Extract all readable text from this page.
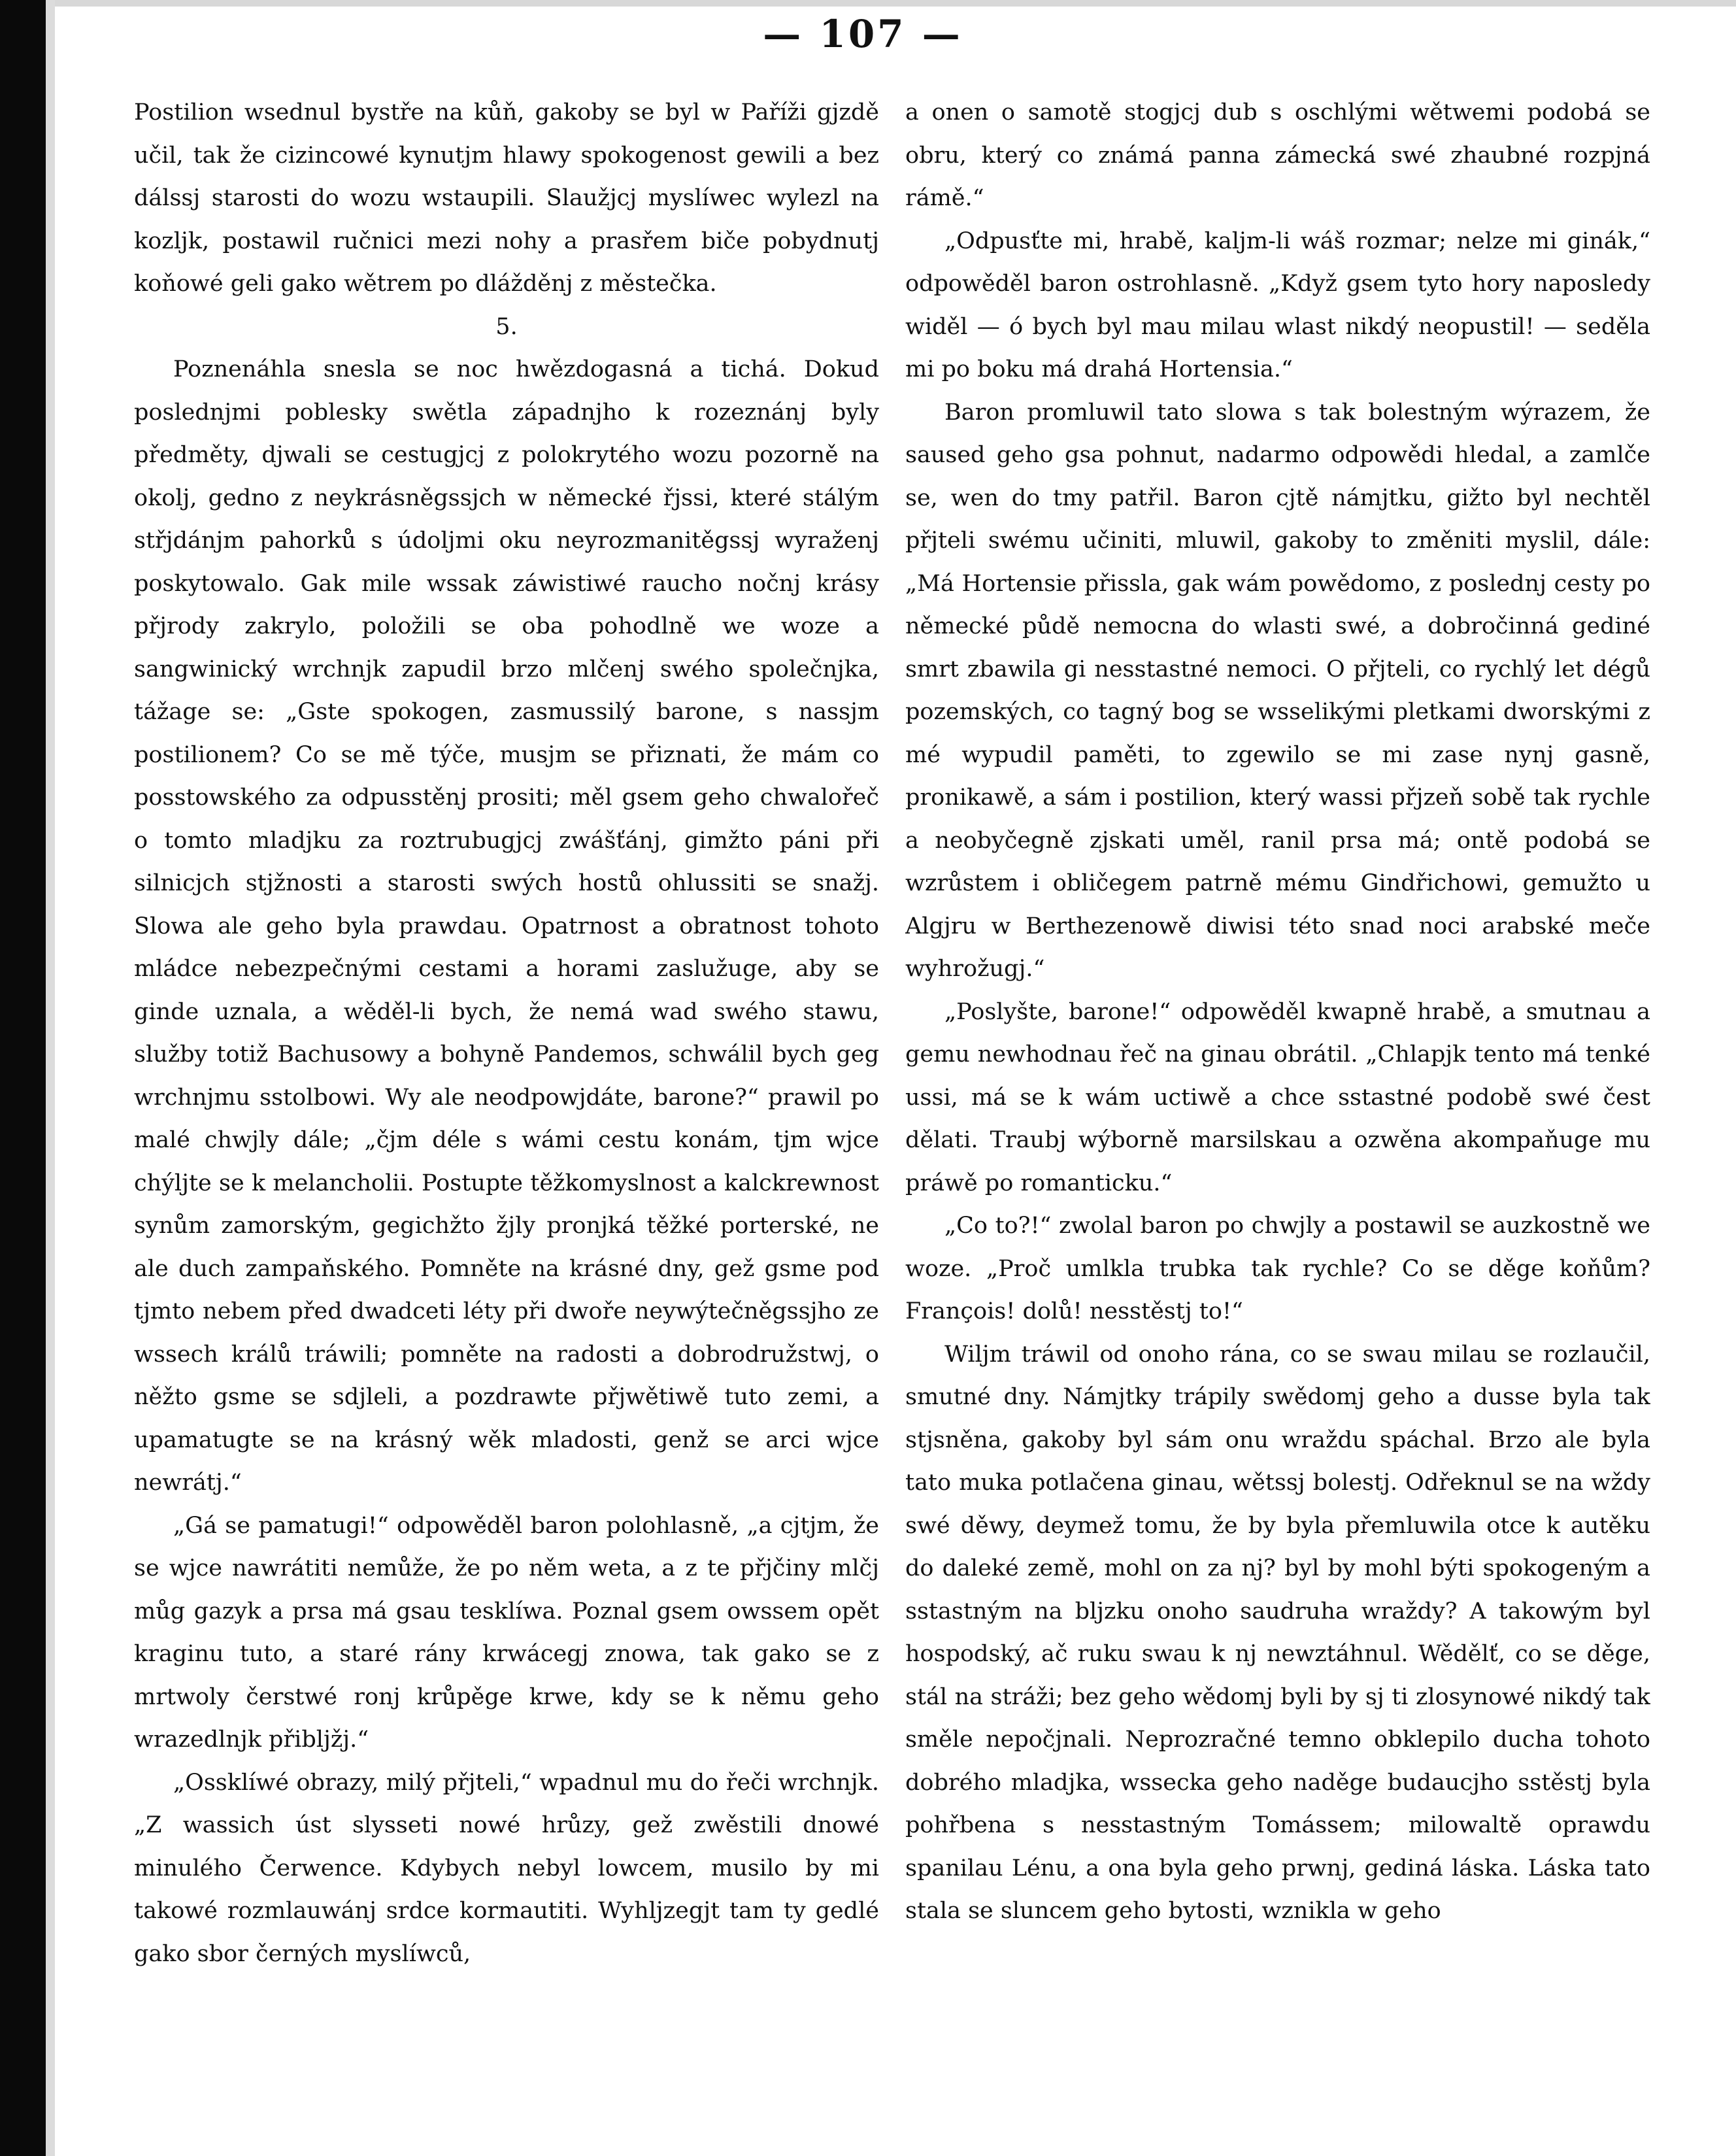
— 107 —

Postilion wsednul bystře na kůň, gakoby se byl w Paříži gjzdě učil, tak že cizincowé kynutjm hlawy spokogenost gewili a bez dálssj starosti do wozu wstaupili. Slaužjcj myslíwec wylezl na kozljk, postawil ručnici mezi nohy a prasřem biče pobydnutj koňowé geli gako wětrem po dlážděnj z městečka.

5.

Poznenáhla snesla se noc hwězdogasná a tichá. Dokud poslednjmi poblesky swětla západnjho k rozeznánj byly předměty, djwali se cestugjcj z polokrytého wozu pozorně na okolj, gedno z neykrásněgssjch w německé řjssi, které stálým střjdánjm pahorků s údoljmi oku neyrozmanitěgssj wyraženj poskytowalo. Gak mile wssak záwistiwé raucho nočnj krásy přjrody zakrylo, položili se oba pohodlně we woze a sangwinický wrchnjk zapudil brzo mlčenj swého společnjka, tážage se: „Gste spokogen, zasmussilý barone, s nassjm postilionem? Co se mě týče, musjm se přiznati, že mám co posstowského za odpusstěnj prositi; měl gsem geho chwalořeč o tomto mladjku za roztrubugjcj zwášťánj, gimžto páni při silnicjch stjžnosti a starosti swých hostů ohlussiti se snažj. Slowa ale geho byla prawdau. Opatrnost a obratnost tohoto mládce nebezpečnými cestami a horami zaslužuge, aby se ginde uznala, a wěděl-li bych, že nemá wad swého stawu, služby totiž Bachusowy a bohyně Pandemos, schwálil bych geg wrchnjmu sstolbowi. Wy ale neodpowjdáte, barone?“ prawil po malé chwjly dále; „čjm déle s wámi cestu konám, tjm wjce chýljte se k melancholii. Postupte těžkomyslnost a kalckrewnost synům zamorským, gegichžto žjly pronjká těžké porterské, ne ale duch zampaňského. Pomněte na krásné dny, gež gsme pod tjmto nebem před dwadceti léty při dwoře neywýtečněgssjho ze wssech králů tráwili; pomněte na radosti a dobrodružstwj, o něžto gsme se sdjleli, a pozdrawte přjwětiwě tuto zemi, a upamatugte se na krásný wěk mladosti, genž se arci wjce newrátj.“

„Gá se pamatugi!“ odpowěděl baron polohlasně, „a cjtjm, že se wjce nawrátiti nemůže, že po něm weta, a z te přjčiny mlčj můg gazyk a prsa má gsau tesklíwa. Poznal gsem owssem opět kraginu tuto, a staré rány krwácegj znowa, tak gako se z mrtwoly čerstwé ronj krůpěge krwe, kdy se k němu geho wrazedlnjk přibljžj.“

„Ossklíwé obrazy, milý přjteli,“ wpadnul mu do řeči wrchnjk. „Z wassich úst slysseti nowé hrůzy, gež zwěstili dnowé minulého Čerwence. Kdybych nebyl lowcem, musilo by mi takowé rozmlauwánj srdce kormautiti. Wyhljzegjt tam ty gedlé gako sbor černých myslíwců,

a onen o samotě stogjcj dub s oschlými wětwemi podobá se obru, který co známá panna zámecká swé zhaubné rozpjná rámě.“

„Odpusťte mi, hrabě, kaljm-li wáš rozmar; nelze mi ginák,“ odpowěděl baron ostrohlasně. „Když gsem tyto hory naposledy widěl — ó bych byl mau milau wlast nikdý neopustil! — seděla mi po boku má drahá Hortensia.“

Baron promluwil tato slowa s tak bolestným wýrazem, že saused geho gsa pohnut, nadarmo odpowědi hledal, a zamlče se, wen do tmy patřil. Baron cjtě námjtku, gižto byl nechtěl přjteli swému učiniti, mluwil, gakoby to změniti myslil, dále: „Má Hortensie přissla, gak wám powědomo, z poslednj cesty po německé půdě nemocna do wlasti swé, a dobročinná gediné smrt zbawila gi nesstastné nemoci. O přjteli, co rychlý let dégů pozemských, co tagný bog se wsselikými pletkami dworskými z mé wypudil paměti, to zgewilo se mi zase nynj gasně, pronikawě, a sám i postilion, který wassi přjzeň sobě tak rychle a neobyčegně zjskati uměl, ranil prsa má; ontě podobá se wzrůstem i obličegem patrně mému Gindřichowi, gemužto u Algjru w Berthezenowě diwisi této snad noci arabské meče wyhrožugj.“

„Poslyšte, barone!“ odpowěděl kwapně hrabě, a smutnau a gemu newhodnau řeč na ginau obrátil. „Chlapjk tento má tenké ussi, má se k wám uctiwě a chce sstastné podobě swé čest dělati. Traubj wýborně marsilskau a ozwěna akompaňuge mu práwě po romanticku.“

„Co to?!“ zwolal baron po chwjly a postawil se auzkostně we woze. „Proč umlkla trubka tak rychle? Co se děge koňům? François! dolů! nesstěstj to!“

Wiljm tráwil od onoho ránа, co se swau milau se rozlaučil, smutné dny. Námjtky trápily swědomj geho a dusse byla tak stjsněna, gakoby byl sám onu wraždu spáchal. Brzo ale byla tato muka potlačena ginau, wětssj bolestj. Odřeknul se na wždy swé děwy, deymež tomu, že by byla přemluwila otce k autěku do daleké země, mohl on za nj? byl by mohl býti spokogeným a sstastným na bljzku onoho saudruha wraždy? A takowým byl hospodský, ač ruku swau k nj newztáhnul. Wědělť, co se děge, stál na stráži; bez geho wědomj byli by sj ti zlosynowé nikdý tak směle nepočjnali. Neprozračné temno obklepilo ducha tohoto dobrého mladjka, wssecka geho naděge budaucjho sstěstj byla pohřbena s nesstastným Tomássem; milowaltě oprawdu spanilau Lénu, a ona byla geho prwnj, gediná láska. Láska tato stala se sluncem geho bytosti, wznikla w geho
